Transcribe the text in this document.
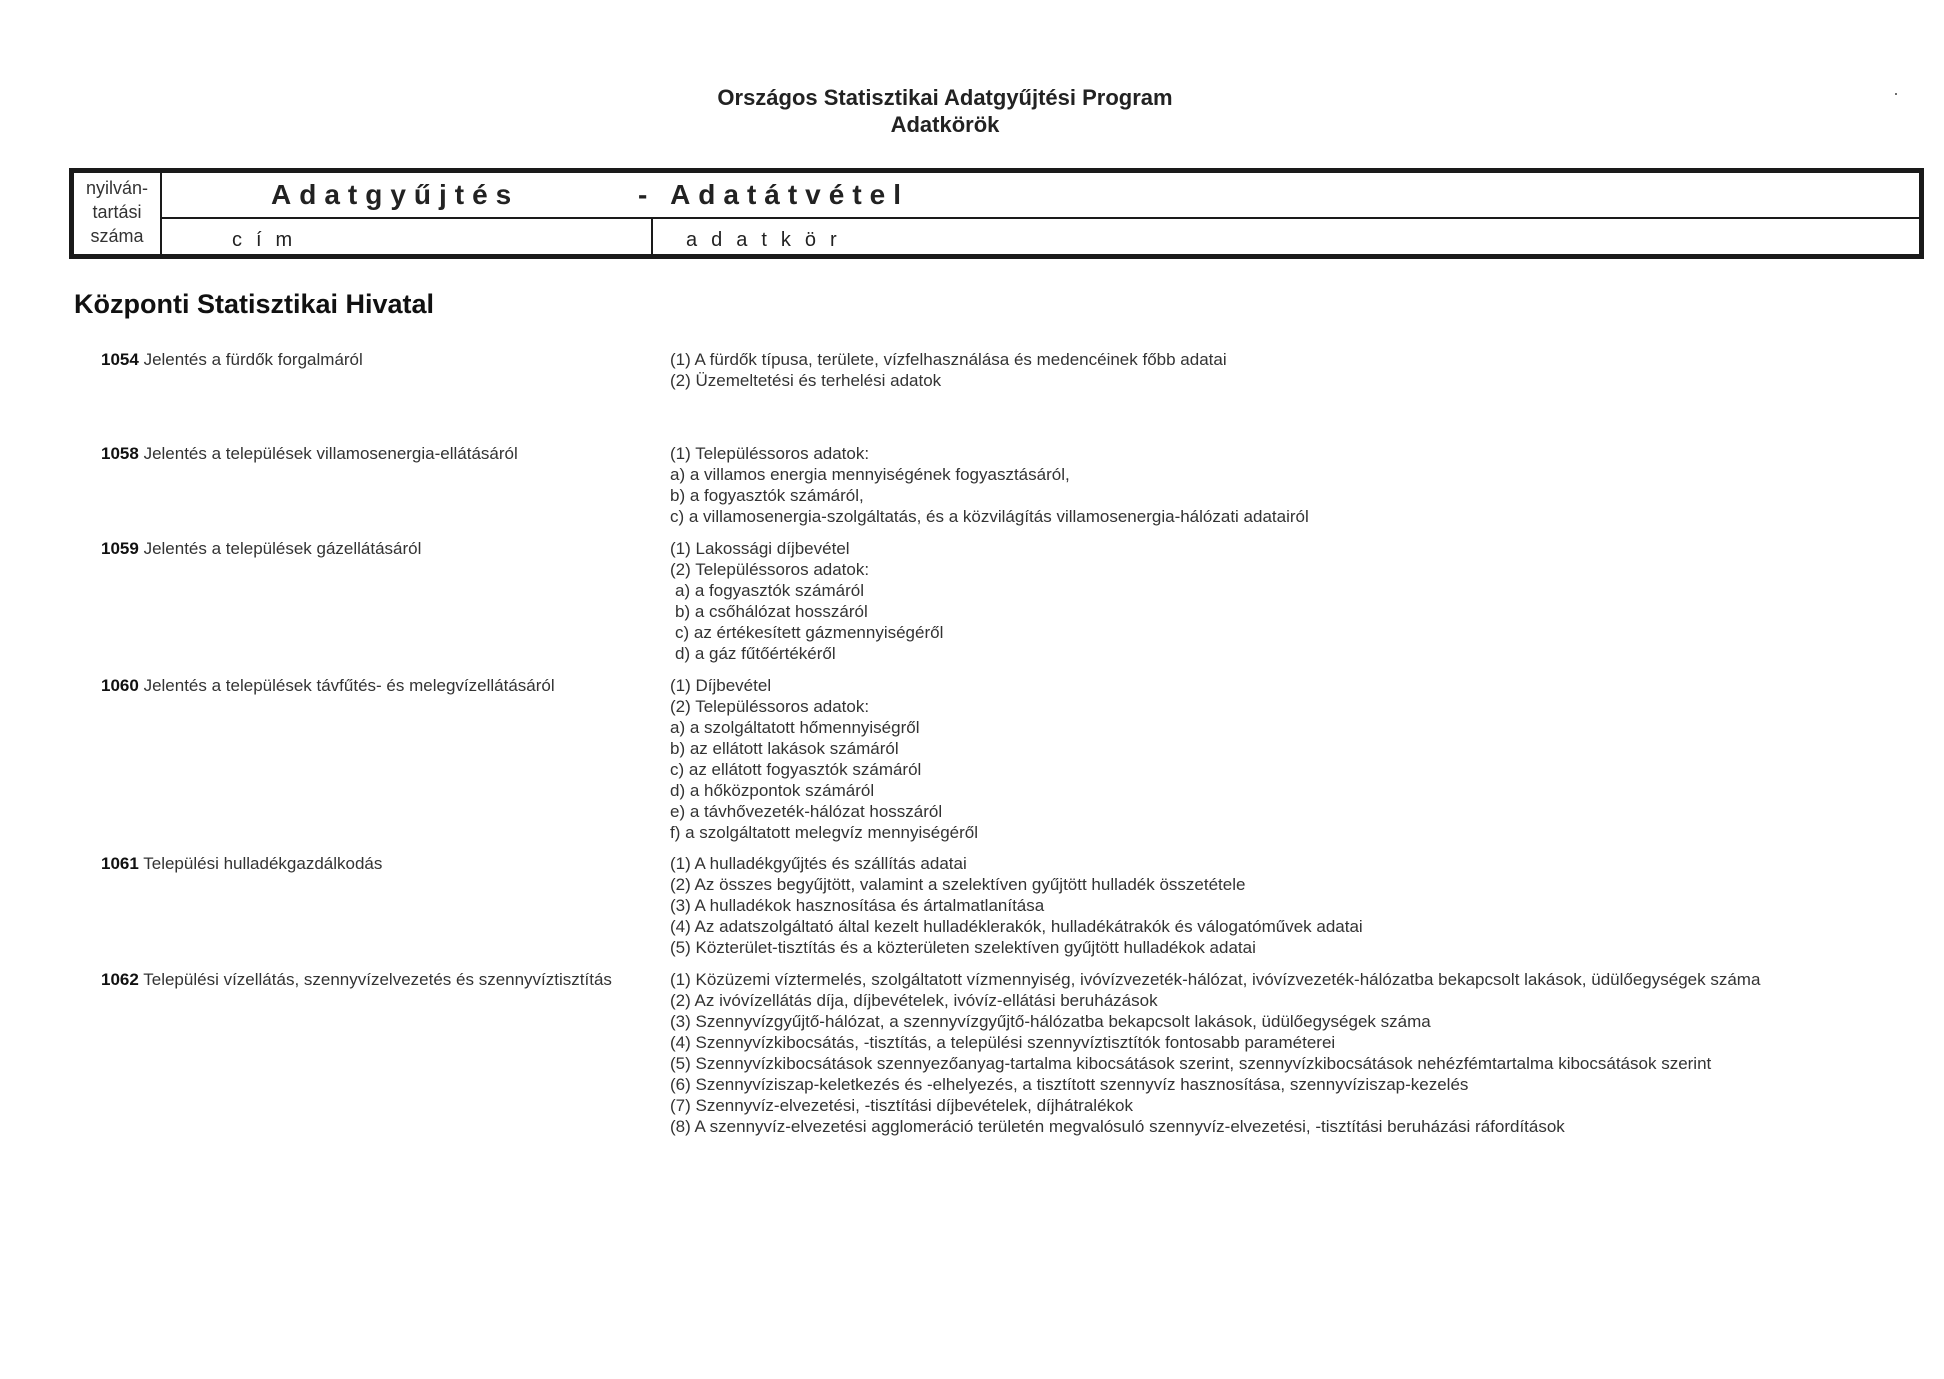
Országos Statisztikai Adatgyűjtési Program
Adatkörök
·
nyilván-
tartási
száma
Adatgyűjtés	- Adatátvétel
cím	adatkör
Központi Statisztikai Hivatal
1054 Jelentés a fürdők forgalmáról	(1) A fürdők típusa, területe, vízfelhasználása és medencéinek főbb adatai
(2) Üzemeltetési és terhelési adatok
1058 Jelentés a települések villamosenergia-ellátásáról	(1) Településsoros adatok:
a) a villamos energia mennyiségének fogyasztásáról,
b) a fogyasztók számáról,
c) a villamosenergia-szolgáltatás, és a közvilágítás villamosenergia-hálózati adatairól
1059 Jelentés a települések gázellátásáról	(1) Lakossági díjbevétel
(2) Településsoros adatok:
a) a fogyasztók számáról
b) a csőhálózat hosszáról
c) az értékesített gázmennyiségéről
d) a gáz fűtőértékéről
1060 Jelentés a települések távfűtés- és melegvízellátásáról	(1) Díjbevétel
(2) Településsoros adatok:
a) a szolgáltatott hőmennyiségről
b) az ellátott lakások számáról
c) az ellátott fogyasztók számáról
d) a hőközpontok számáról
e) a távhővezeték-hálózat hosszáról
f) a szolgáltatott melegvíz mennyiségéről
1061 Települési hulladékgazdálkodás	(1) A hulladékgyűjtés és szállítás adatai
(2) Az összes begyűjtött, valamint a szelektíven gyűjtött hulladék összetétele
(3) A hulladékok hasznosítása és ártalmatlanítása
(4) Az adatszolgáltató által kezelt hulladéklerakók, hulladékátrakók és válogatóművek adatai
(5) Közterület-tisztítás és a közterületen szelektíven gyűjtött hulladékok adatai
1062 Települési vízellátás, szennyvízelvezetés és szennyvíztisztítás	(1) Közüzemi víztermelés, szolgáltatott vízmennyiség, ivóvízvezeték-hálózat, ivóvízvezeték-hálózatba bekapcsolt lakások, üdülőegységek száma
(2) Az ivóvízellátás díja, díjbevételek, ivóvíz-ellátási beruházások
(3) Szennyvízgyűjtő-hálózat, a szennyvízgyűjtő-hálózatba bekapcsolt lakások, üdülőegységek száma
(4) Szennyvízkibocsátás, -tisztítás, a települési szennyvíztisztítók fontosabb paraméterei
(5) Szennyvízkibocsátások szennyezőanyag-tartalma kibocsátások szerint, szennyvízkibocsátások nehézfémtartalma kibocsátások szerint
(6) Szennyvíziszap-keletkezés és -elhelyezés, a tisztított szennyvíz hasznosítása, szennyvíziszap-kezelés
(7) Szennyvíz-elvezetési, -tisztítási díjbevételek, díjhátralékok
(8) A szennyvíz-elvezetési agglomeráció területén megvalósuló szennyvíz-elvezetési, -tisztítási beruházási ráfordítások
